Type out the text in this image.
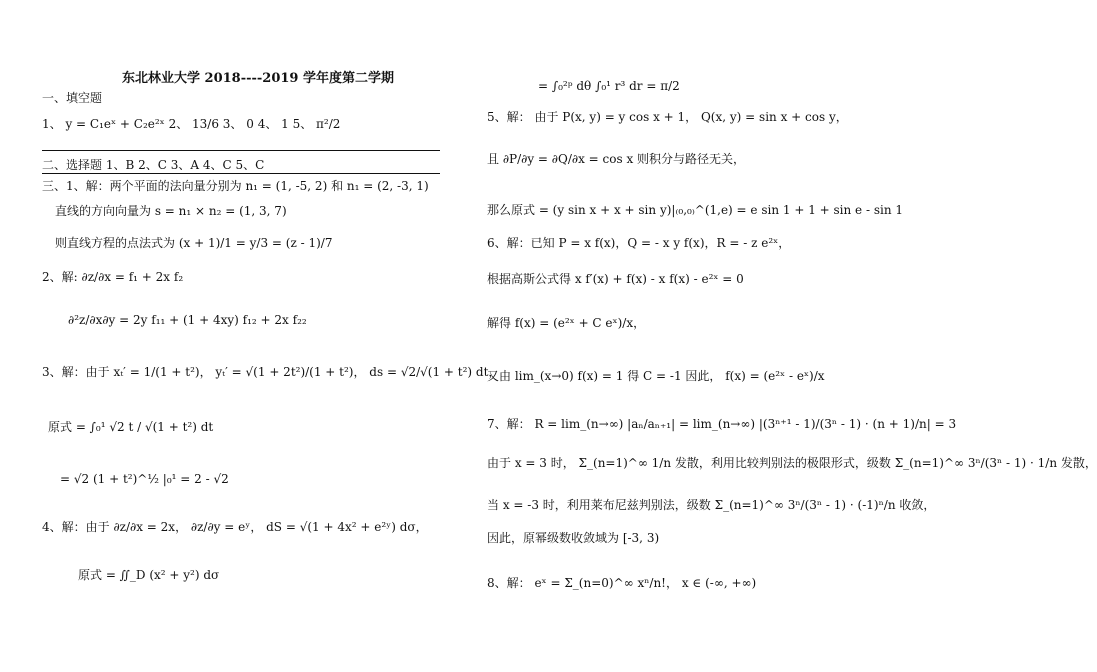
东北林业大学 2018----2019 学年度第二学期
一、填空题
1、 y = C₁eˣ + C₂e²ˣ 2、 13/6 3、 0 4、 1 5、 π²/2
二、选择题 1、B 2、C 3、A 4、C 5、C
三、1、解：两个平面的法向量分别为 n₁ = (1, -5, 2) 和 n₁ = (2, -3, 1)
直线的方向向量为 s = n₁ × n₂ = (1, 3, 7)
则直线方程的点法式为 (x + 1)/1 = y/3 = (z - 1)/7
2、解: ∂z/∂x = f₁ + 2x f₂
∂²z/∂x∂y = 2y f₁₁ + (1 + 4xy) f₁₂ + 2x f₂₂
3、解：由于 xₜ′ = 1/(1 + t²)， yₜ′ = √(1 + 2t²)/(1 + t²)， ds = √2/√(1 + t²) dt，
原式 = ∫₀¹ √2 t / √(1 + t²) dt
= √2 (1 + t²)^½ |₀¹ = 2 - √2
4、解：由于 ∂z/∂x = 2x， ∂z/∂y = eʸ， dS = √(1 + 4x² + e²ʸ) dσ，
原式 = ∬_D (x² + y²) dσ
= ∫₀²ᵖ dθ ∫₀¹ r³ dr = π/2
5、解： 由于 P(x, y) = y cos x + 1， Q(x, y) = sin x + cos y，
且 ∂P/∂y = ∂Q/∂x = cos x 则积分与路径无关，
那么原式 = (y sin x + x + sin y)|₍₀,₀₎^(1,e) = e sin 1 + 1 + sin e - sin 1
6、解：已知 P = x f(x)，Q = - x y f(x)，R = - z e²ˣ，
根据高斯公式得 x f′(x) + f(x) - x f(x) - e²ˣ = 0
解得 f(x) = (e²ˣ + C eˣ)/x，
又由 lim_(x→0) f(x) = 1 得 C = -1 因此， f(x) = (e²ˣ - eˣ)/x
7、解： R = lim_(n→∞) |aₙ/aₙ₊₁| = lim_(n→∞) |(3ⁿ⁺¹ - 1)/(3ⁿ - 1) · (n + 1)/n| = 3
由于 x = 3 时， Σ_(n=1)^∞ 1/n 发散，利用比较判别法的极限形式，级数 Σ_(n=1)^∞ 3ⁿ/(3ⁿ - 1) · 1/n 发散，
当 x = -3 时，利用莱布尼兹判别法，级数 Σ_(n=1)^∞ 3ⁿ/(3ⁿ - 1) · (-1)ⁿ/n 收敛，
因此，原幂级数收敛域为 [-3, 3)
8、解： eˣ = Σ_(n=0)^∞ xⁿ/n!， x ∈ (-∞, +∞)
